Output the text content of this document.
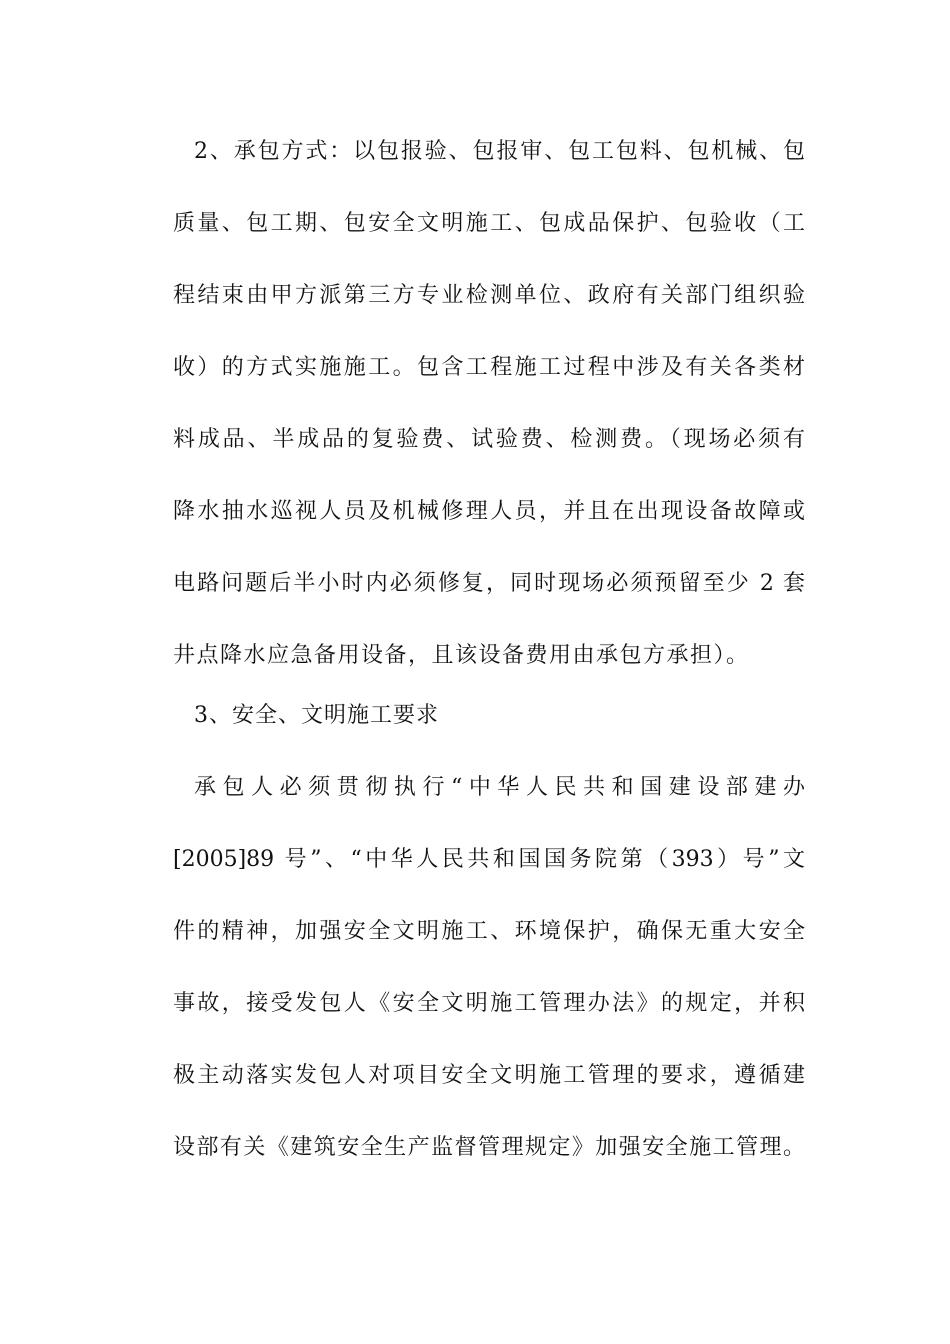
2、承包方式：以包报验、包报审、包工包料、包机械、包

质量、包工期、包安全文明施工、包成品保护、包验收（工

程结束由甲方派第三方专业检测单位、政府有关部门组织验

收）的方式实施施工。包含工程施工过程中涉及有关各类材

料成品、半成品的复验费、试验费、检测费。（现场必须有

降水抽水巡视人员及机械修理人员，并且在出现设备故障或

电路问题后半小时内必须修复，同时现场必须预留至少 2 套

井点降水应急备用设备，且该设备费用由承包方承担）。

3、安全、文明施工要求

承包人必须贯彻执行“中华人民共和国建设部建办

[2005]89 号”、“中华人民共和国国务院第（393）号”文

件的精神，加强安全文明施工、环境保护，确保无重大安全

事故，接受发包人《安全文明施工管理办法》的规定，并积

极主动落实发包人对项目安全文明施工管理的要求，遵循建

设部有关《建筑安全生产监督管理规定》加强安全施工管理。
